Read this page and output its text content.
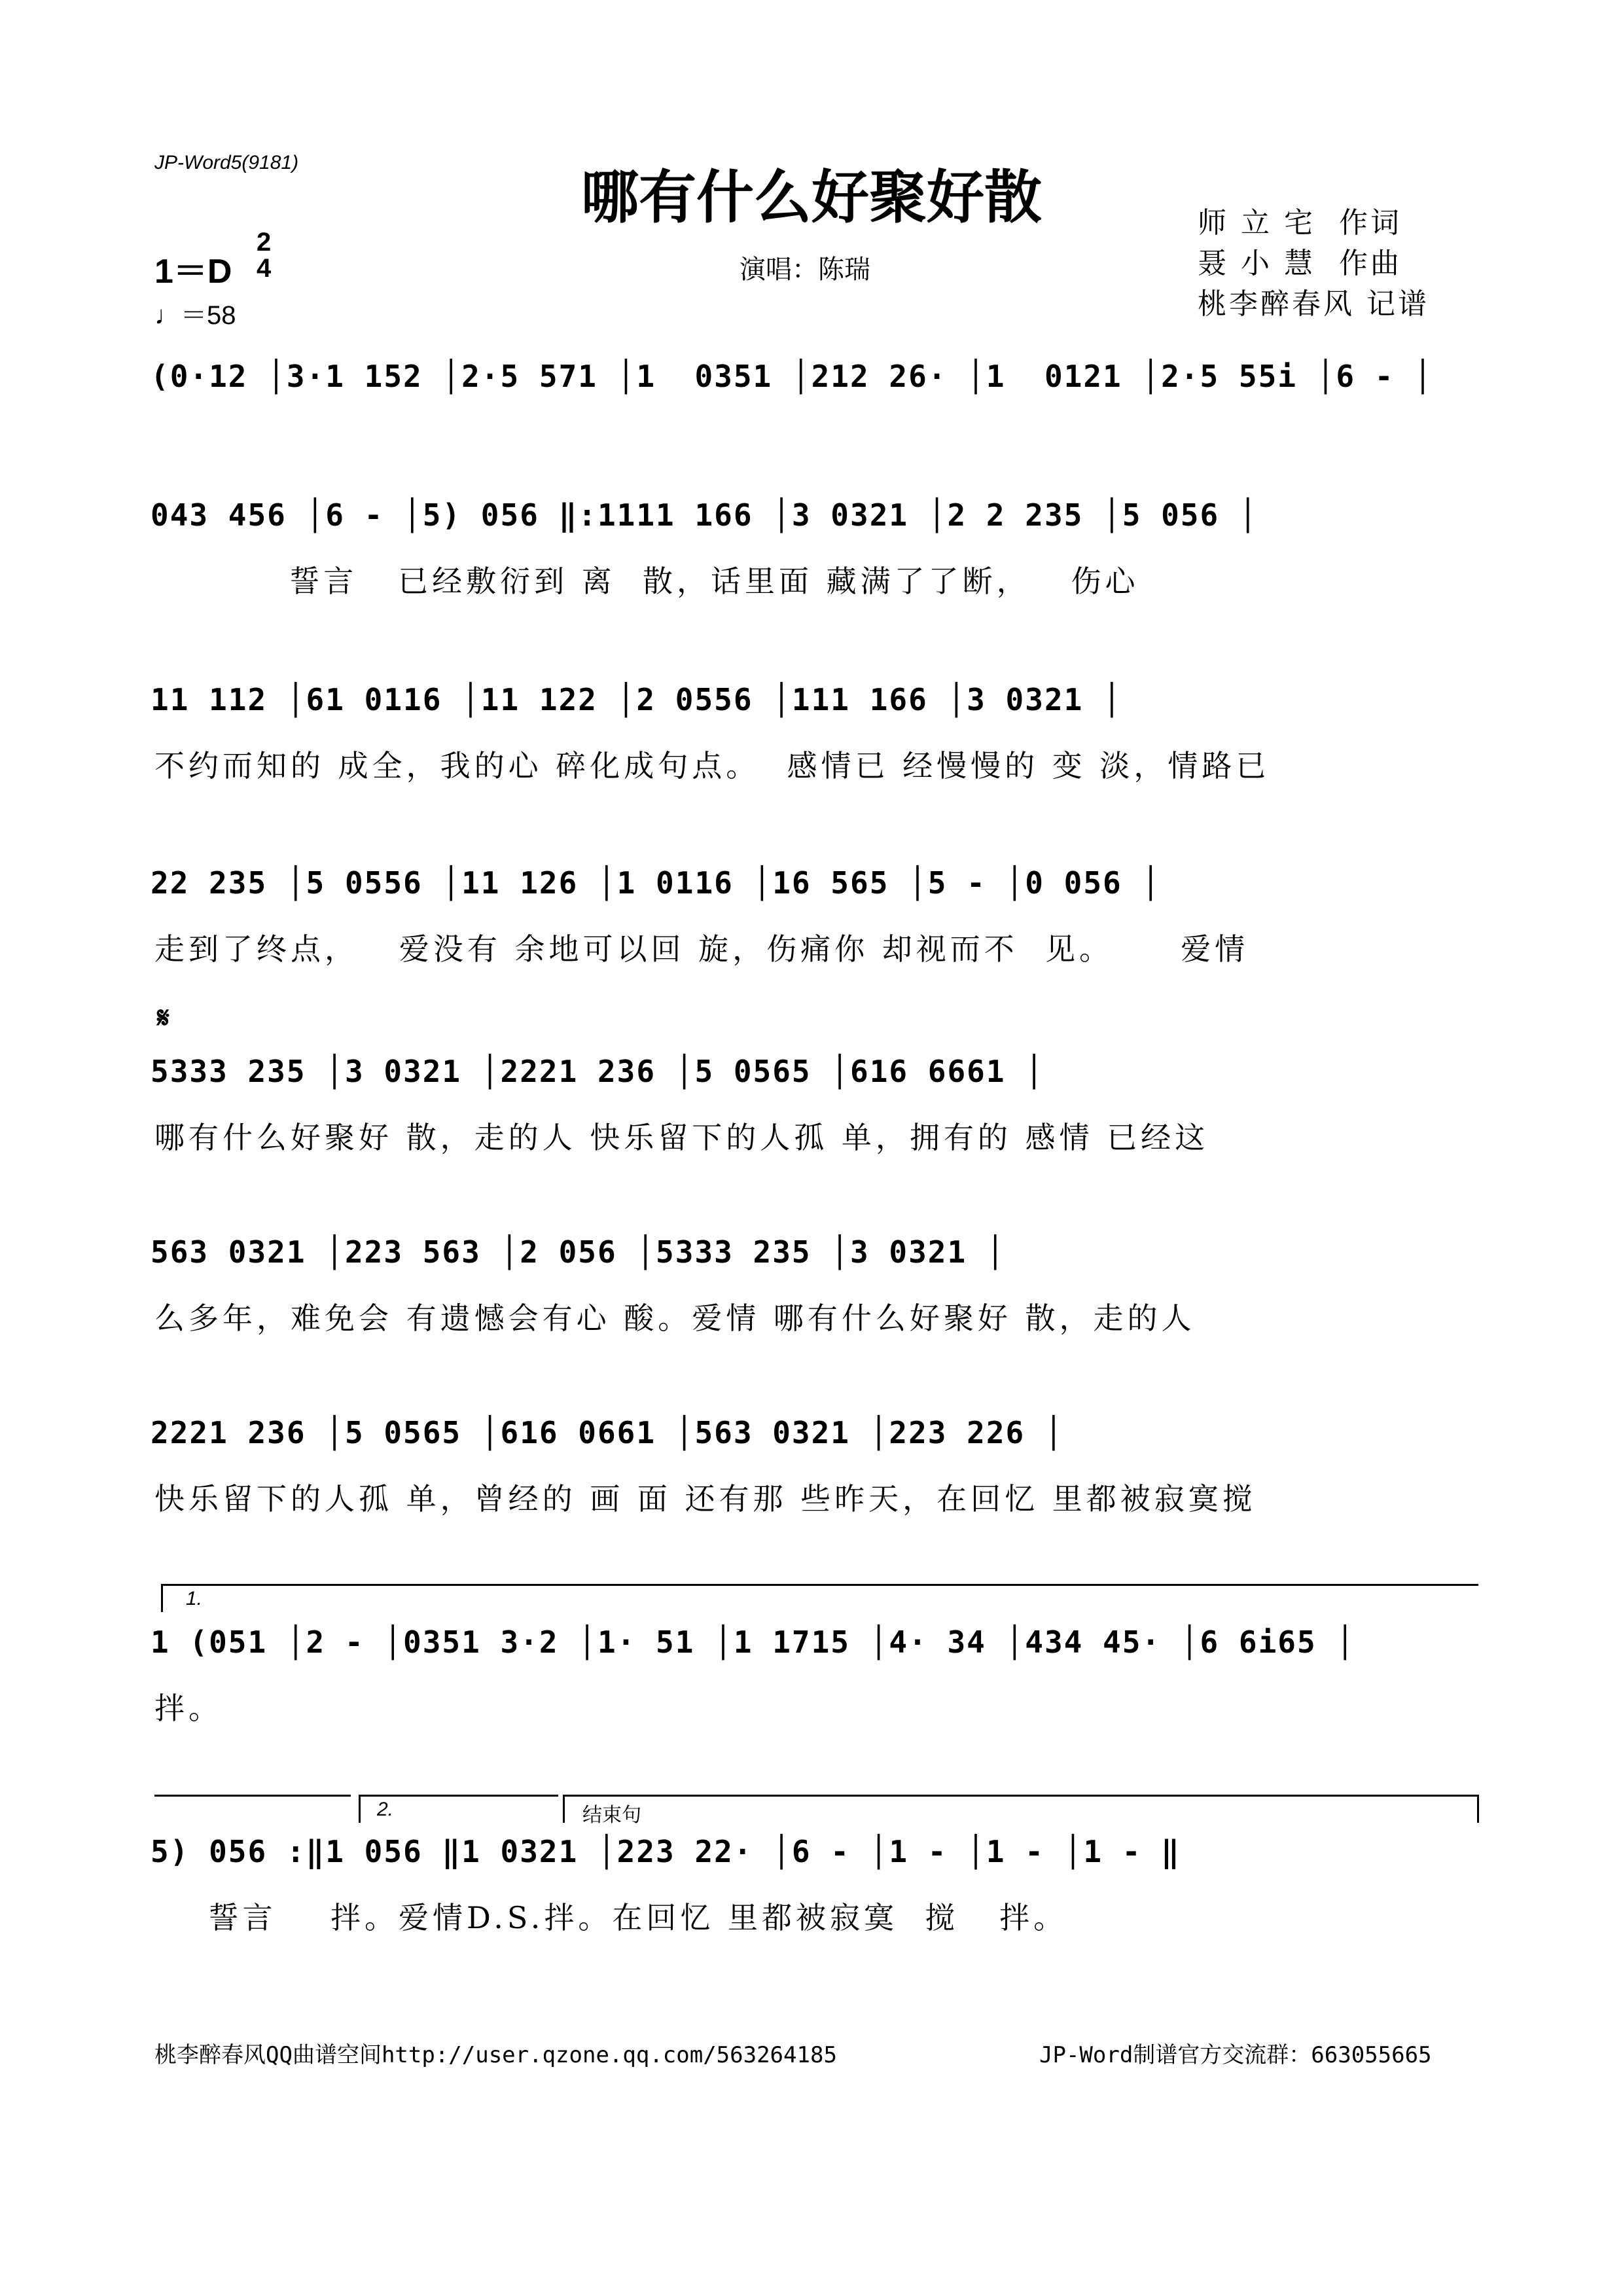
JP-Word5(9181)
哪有什么好聚好散
演唱：陈瑞
1＝D
2
4
♩＝58
师 立 宅 作词
聂 小 慧 作曲
桃李醉春风 记谱
(0·12 │3·1 152 │2·5 571 │1  0351 │212 26· │1  0121 │2·5 55i │6 - │
043 456 │6 - │5) 056 ‖:1111 166 │3 0321 │2 2 235 │5 056 │
誓言   已经敷衍到 离  散，话里面 藏满了了断，   伤心
11 112 │61 0116 │11 122 │2 0556 │111 166 │3 0321 │
不约而知的 成全，我的心 碎化成句点。  感情已 经慢慢的 变 淡，情路已
22 235 │5 0556 │11 126 │1 0116 │16 565 │5 - │0 056 │
走到了终点，   爱没有 余地可以回 旋，伤痛你 却视而不  见。     爱情
𝄋
5333 235 │3 0321 │2221 236 │5 0565 │616 6661 │
哪有什么好聚好 散，走的人 快乐留下的人孤 单，拥有的 感情 已经这
563 0321 │223 563 │2 056 │5333 235 │3 0321 │
么多年，难免会 有遗憾会有心 酸。爱情 哪有什么好聚好 散，走的人
2221 236 │5 0565 │616 0661 │563 0321 │223 226 │
快乐留下的人孤 单，曾经的 画 面 还有那 些昨天，在回忆 里都被寂寞搅
1.
1 (051 │2 - │0351 3·2 │1· 51 │1 1715 │4· 34 │434 45· │6 6i65 │
拌。
2.	结束句
5) 056 :‖1 056 ‖1 0321 │223 22· │6 - │1 - │1 - │1 - ‖
誓言    拌。爱情D.S.拌。在回忆 里都被寂寞  搅   拌。
桃李醉春风QQ曲谱空间http://user.qzone.qq.com/563264185	JP-Word制谱官方交流群：663055665
